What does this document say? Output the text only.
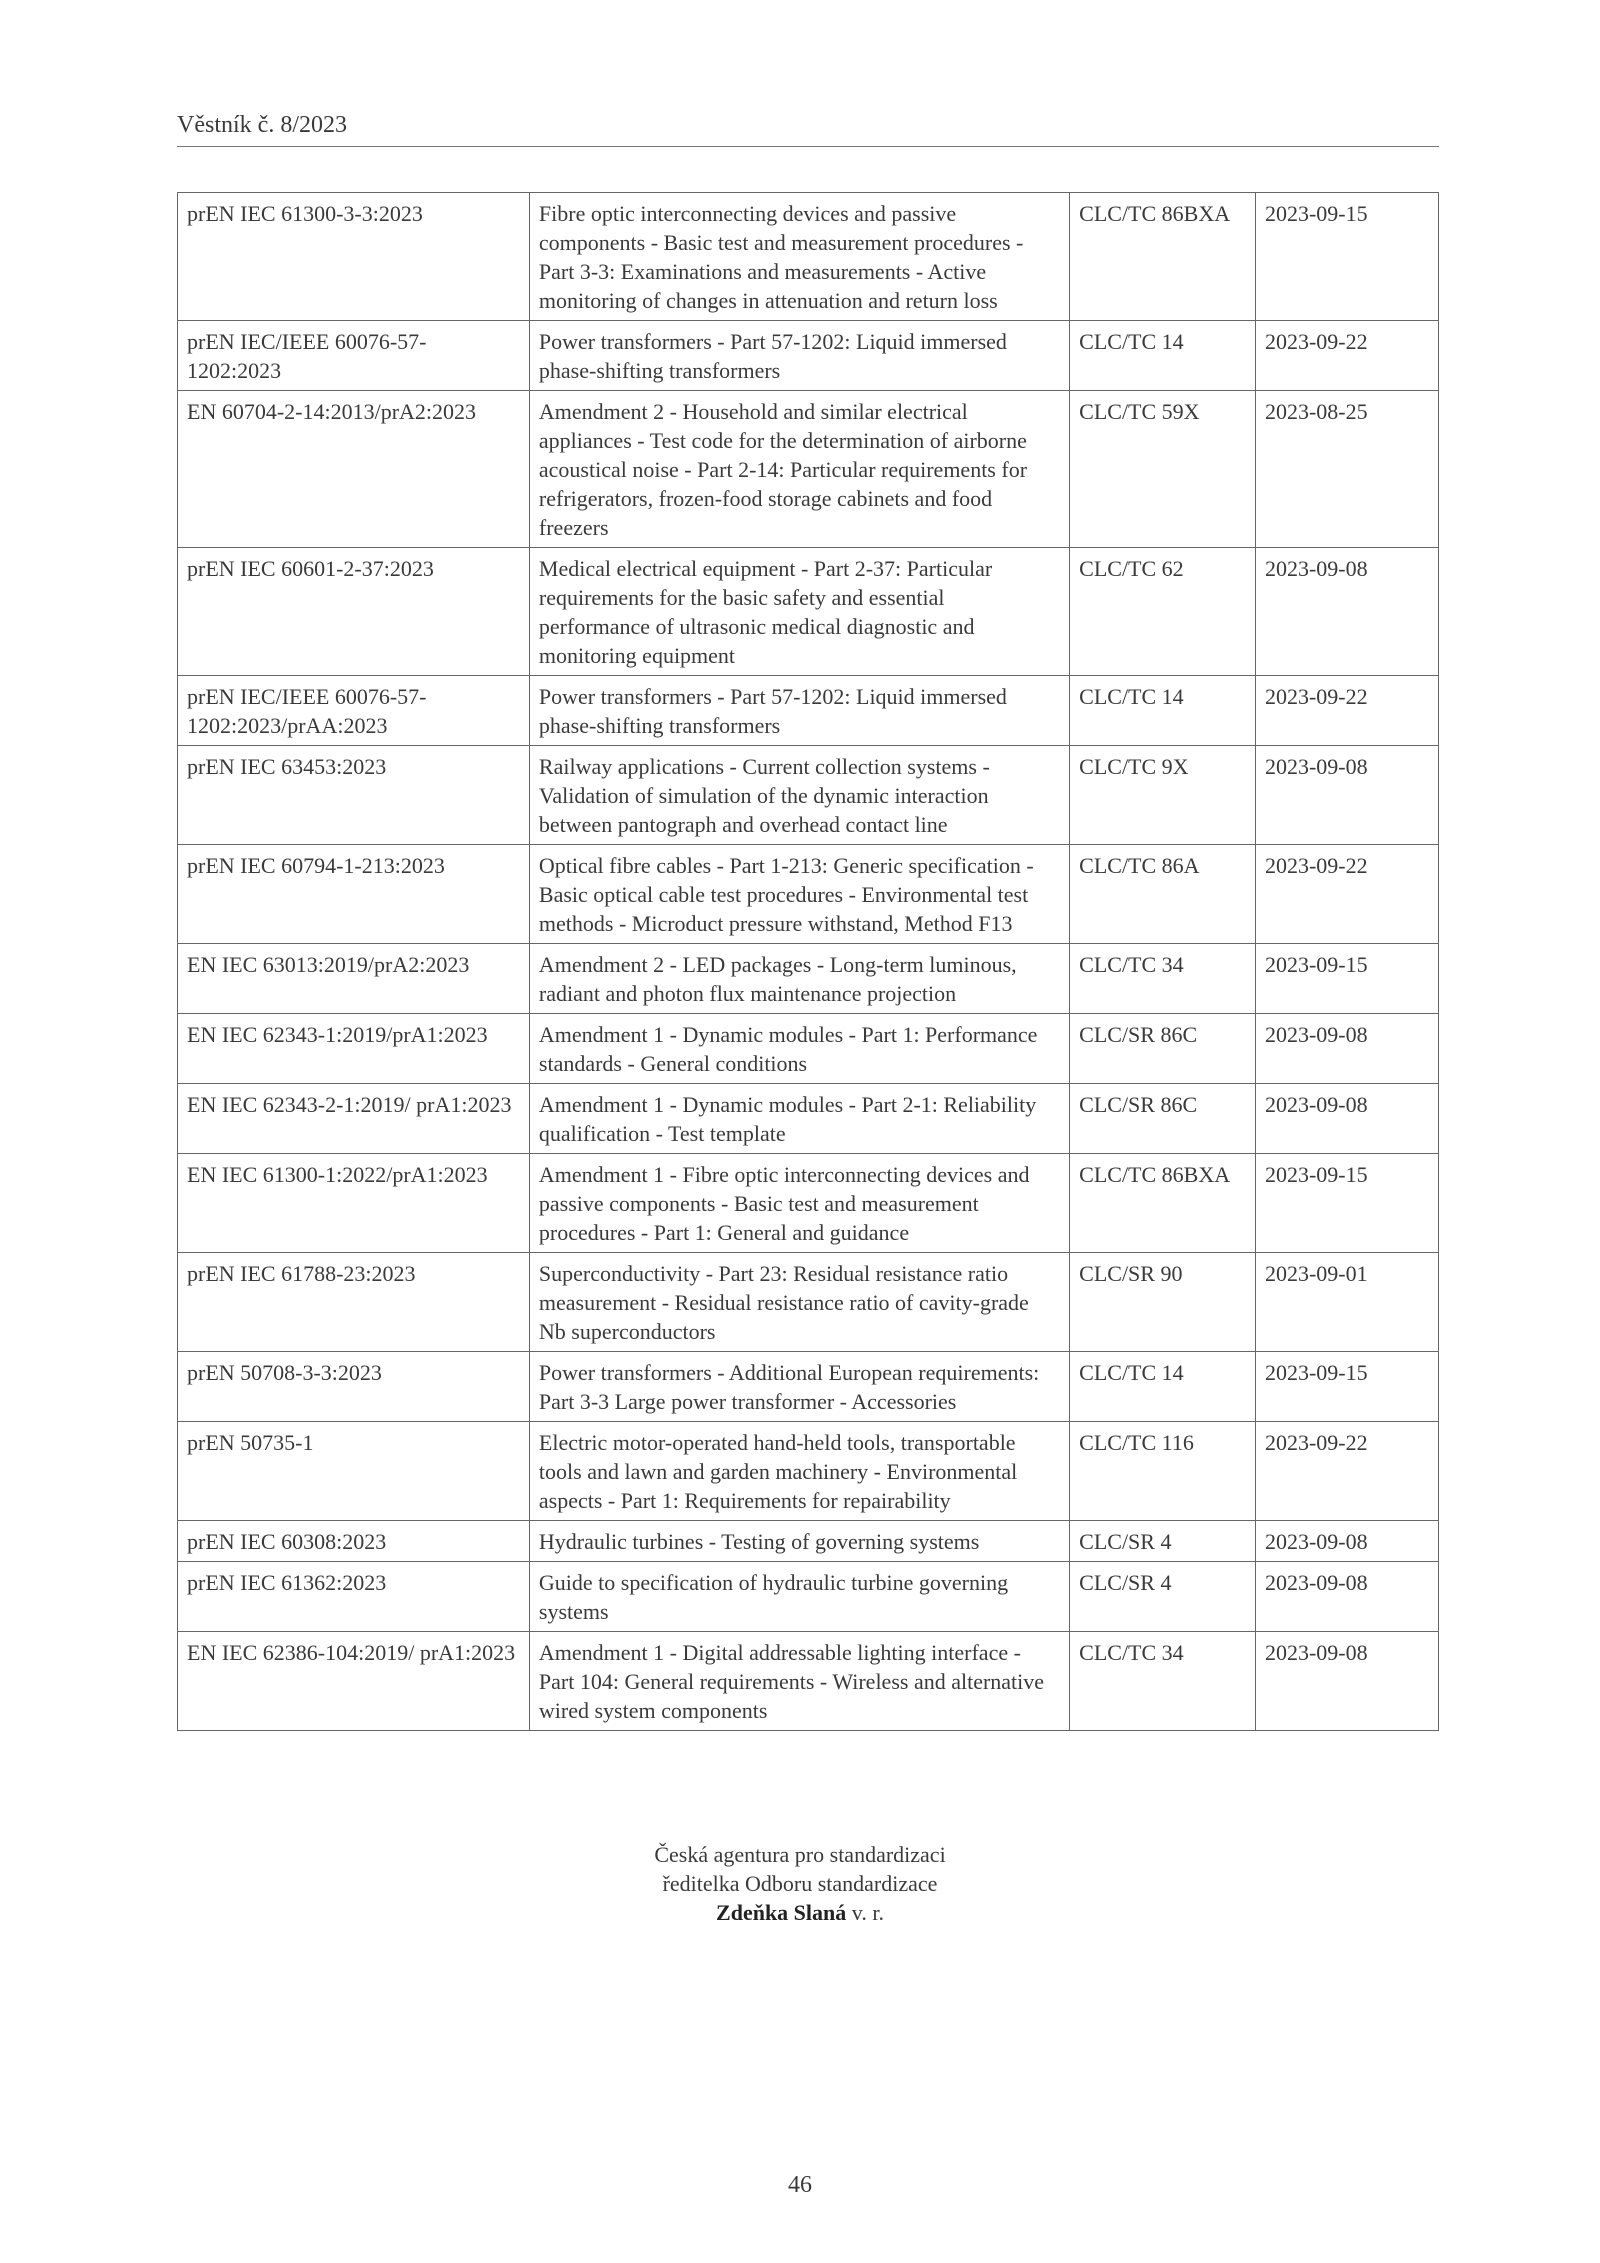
Věstník č. 8/2023
prEN IEC 61300-3-3:2023	Fibre optic interconnecting devices and passive components - Basic test and measurement procedures - Part 3-3: Examinations and measurements - Active monitoring of changes in attenuation and return loss	CLC/TC 86BXA	2023-09-15
prEN IEC/IEEE 60076-57-1202:2023	Power transformers - Part 57-1202: Liquid immersed phase-shifting transformers	CLC/TC 14	2023-09-22
EN 60704-2-14:2013/prA2:2023	Amendment 2 - Household and similar electrical appliances - Test code for the determination of airborne acoustical noise - Part 2-14: Particular requirements for refrigerators, frozen-food storage cabinets and food freezers	CLC/TC 59X	2023-08-25
prEN IEC 60601-2-37:2023	Medical electrical equipment - Part 2-37: Particular requirements for the basic safety and essential performance of ultrasonic medical diagnostic and monitoring equipment	CLC/TC 62	2023-09-08
prEN IEC/IEEE 60076-57-1202:2023/prAA:2023	Power transformers - Part 57-1202: Liquid immersed phase-shifting transformers	CLC/TC 14	2023-09-22
prEN IEC 63453:2023	Railway applications - Current collection systems - Validation of simulation of the dynamic interaction between pantograph and overhead contact line	CLC/TC 9X	2023-09-08
prEN IEC 60794-1-213:2023	Optical fibre cables - Part 1-213: Generic specification - Basic optical cable test procedures - Environmental test methods - Microduct pressure withstand, Method F13	CLC/TC 86A	2023-09-22
EN IEC 63013:2019/prA2:2023	Amendment 2 - LED packages - Long-term luminous, radiant and photon flux maintenance projection	CLC/TC 34	2023-09-15
EN IEC 62343-1:2019/prA1:2023	Amendment 1 - Dynamic modules - Part 1: Performance standards - General conditions	CLC/SR 86C	2023-09-08
EN IEC 62343-2-1:2019/ prA1:2023	Amendment 1 - Dynamic modules - Part 2-1: Reliability qualification - Test template	CLC/SR 86C	2023-09-08
EN IEC 61300-1:2022/prA1:2023	Amendment 1 - Fibre optic interconnecting devices and passive components - Basic test and measurement procedures - Part 1: General and guidance	CLC/TC 86BXA	2023-09-15
prEN IEC 61788-23:2023	Superconductivity - Part 23: Residual resistance ratio measurement - Residual resistance ratio of cavity-grade Nb superconductors	CLC/SR 90	2023-09-01
prEN 50708-3-3:2023	Power transformers - Additional European requirements: Part 3-3 Large power transformer - Accessories	CLC/TC 14	2023-09-15
prEN 50735-1	Electric motor-operated hand-held tools, transportable tools and lawn and garden machinery - Environmental aspects - Part 1: Requirements for repairability	CLC/TC 116	2023-09-22
prEN IEC 60308:2023	Hydraulic turbines - Testing of governing systems	CLC/SR 4	2023-09-08
prEN IEC 61362:2023	Guide to specification of hydraulic turbine governing systems	CLC/SR 4	2023-09-08
EN IEC 62386-104:2019/ prA1:2023	Amendment 1 - Digital addressable lighting interface - Part 104: General requirements - Wireless and alternative wired system components	CLC/TC 34	2023-09-08
Česká agentura pro standardizaci
ředitelka Odboru standardizace
Zdeňka Slaná v. r.
46
